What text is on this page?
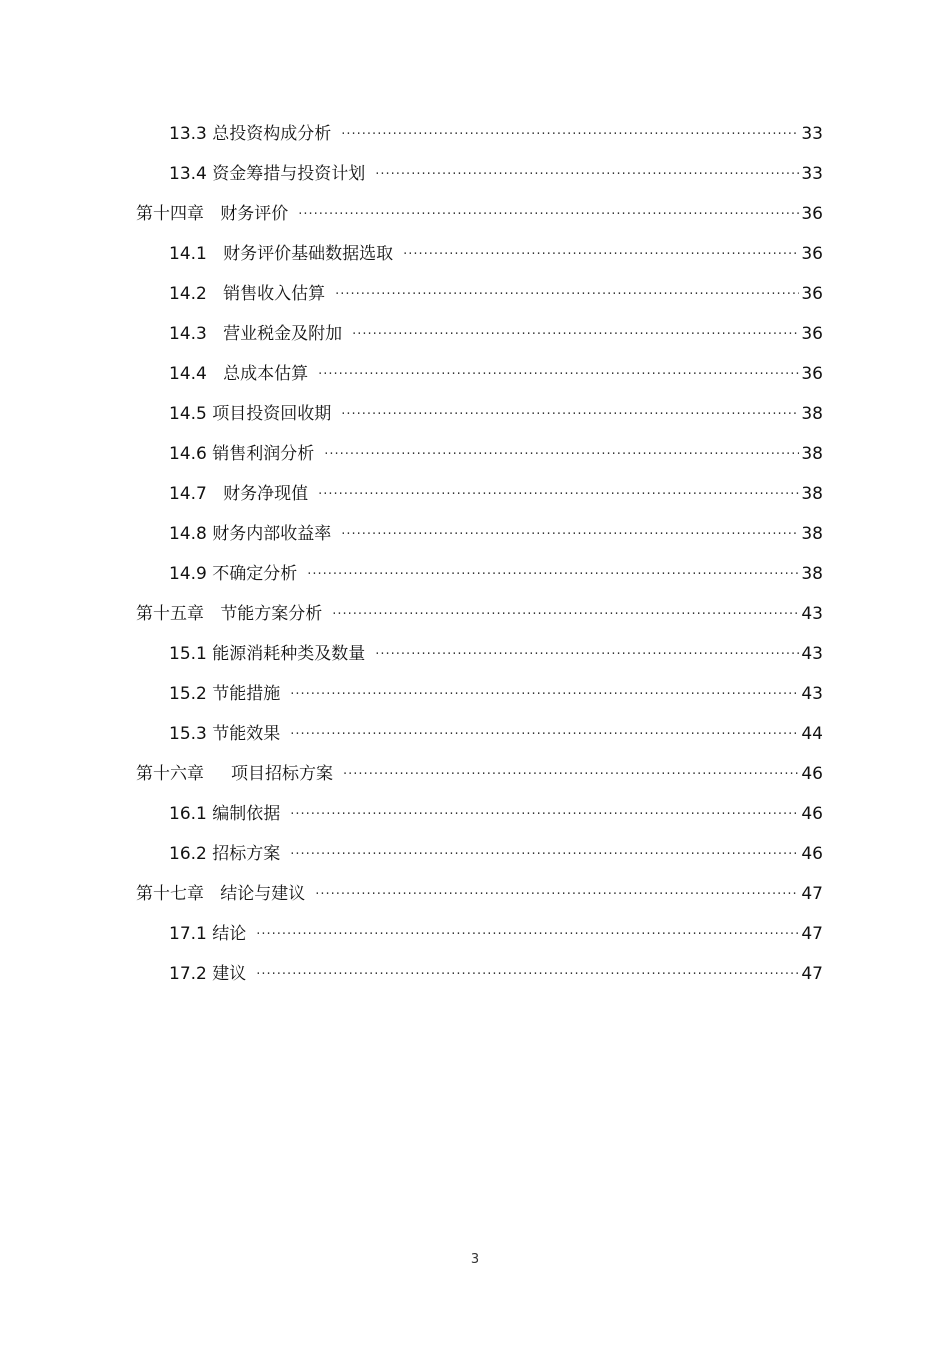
13.3 总投资构成分析 ·····	33
13.4 资金筹措与投资计划 ·····	33
第十四章   财务评价 ·····	36
14.1   财务评价基础数据选取 ·····	36
14.2   销售收入估算 ·····	36
14.3   营业税金及附加 ·····	36
14.4   总成本估算 ·····	36
14.5 项目投资回收期 ·····	38
14.6 销售利润分析 ·····	38
14.7   财务净现值 ·····	38
14.8 财务内部收益率 ·····	38
14.9 不确定分析 ·····	38
第十五章   节能方案分析 ·····	43
15.1 能源消耗种类及数量 ·····	43
15.2 节能措施 ·····	43
15.3 节能效果 ·····	44
第十六章     项目招标方案 ·····	46
16.1 编制依据 ·····	46
16.2 招标方案 ·····	46
第十七章   结论与建议 ·····	47
17.1 结论 ·····	47
17.2 建议 ·····	47
3
